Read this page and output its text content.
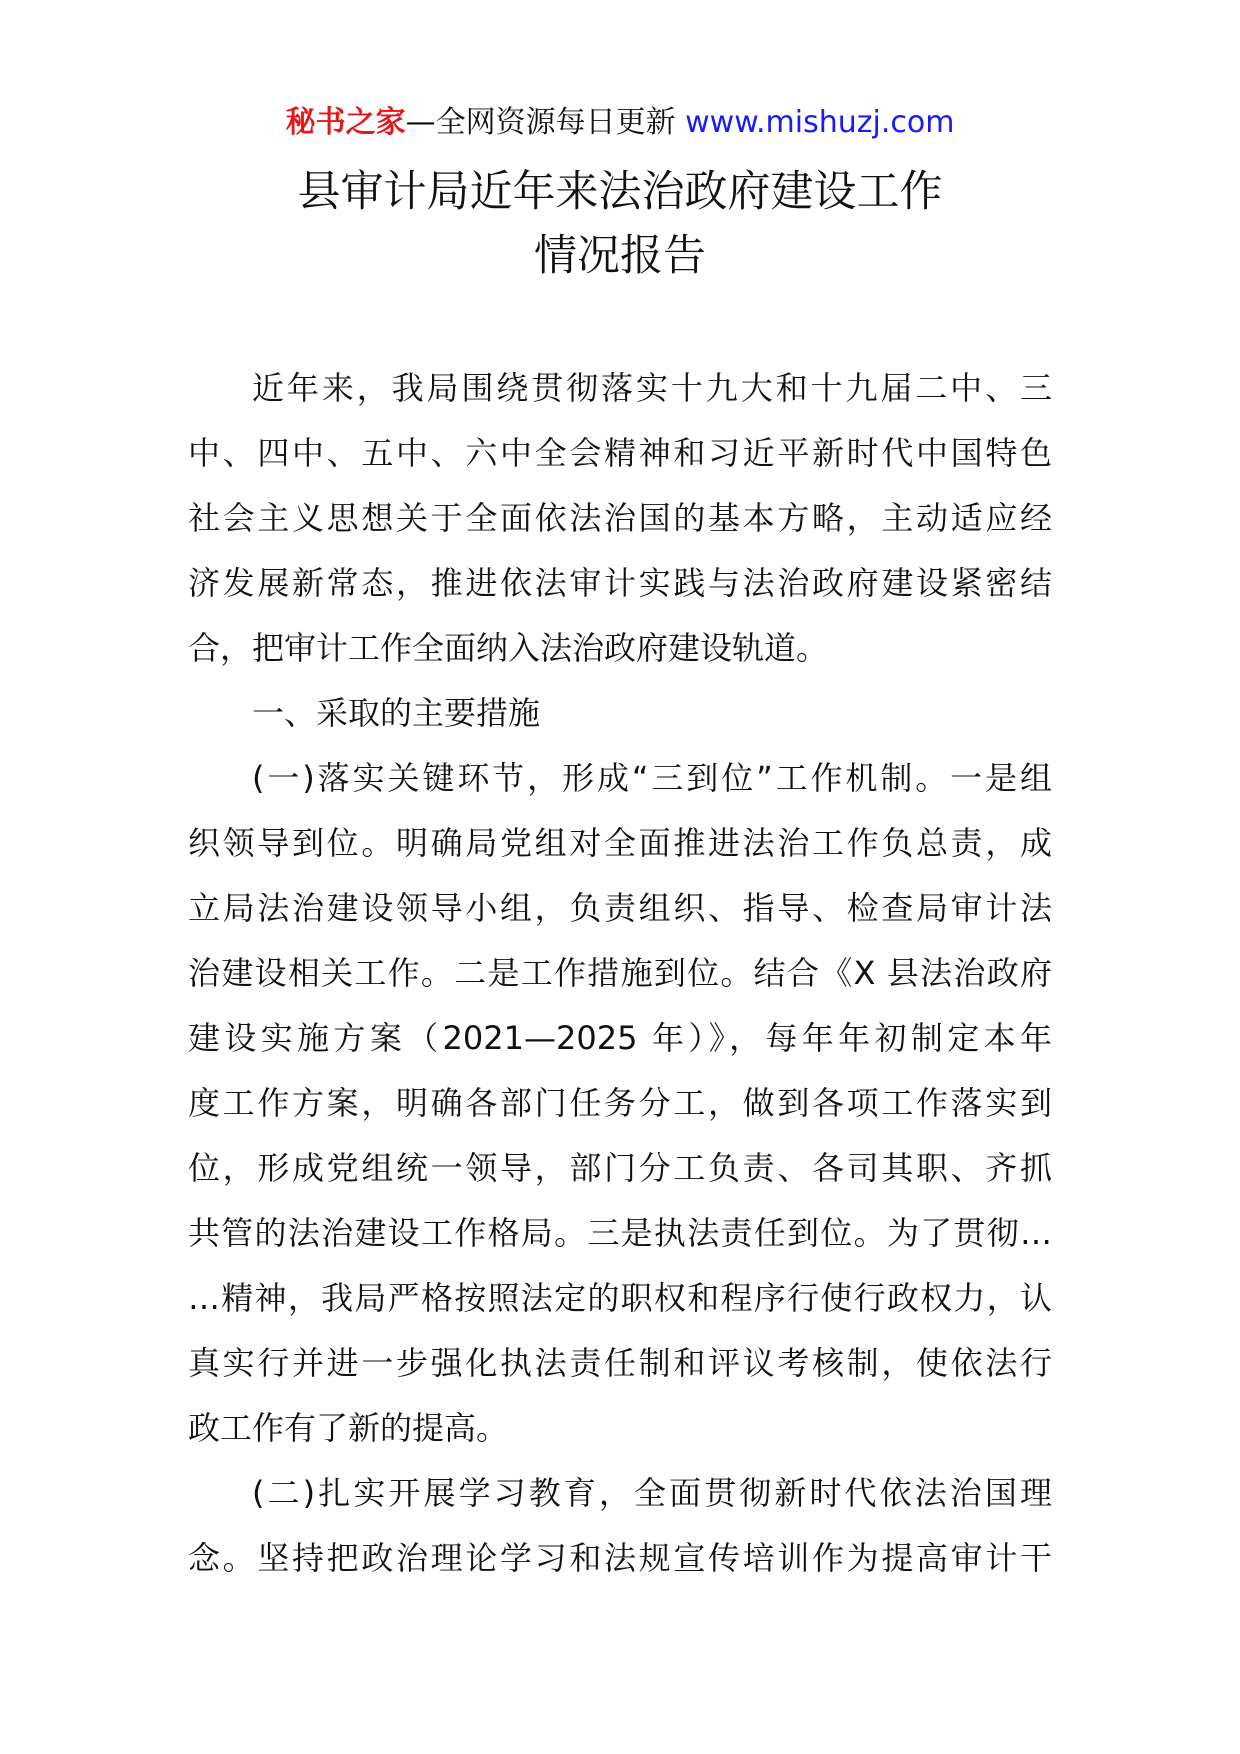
秘书之家—全网资源每日更新 www.mishuzj.com
县审计局近年来法治政府建设工作
情况报告
近年来，我局围绕贯彻落实十九大和十九届二中、三
中、四中、五中、六中全会精神和习近平新时代中国特色
社会主义思想关于全面依法治国的基本方略，主动适应经
济发展新常态，推进依法审计实践与法治政府建设紧密结
合，把审计工作全面纳入法治政府建设轨道。
一、采取的主要措施
(一)落实关键环节，形成“三到位”工作机制。一是组
织领导到位。明确局党组对全面推进法治工作负总责，成
立局法治建设领导小组，负责组织、指导、检查局审计法
治建设相关工作。二是工作措施到位。结合《X 县法治政府
建设实施方案（2021—2025 年）》，每年年初制定本年
度工作方案，明确各部门任务分工，做到各项工作落实到
位，形成党组统一领导，部门分工负责、各司其职、齐抓
共管的法治建设工作格局。三是执法责任到位。为了贯彻…
…精神，我局严格按照法定的职权和程序行使行政权力，认
真实行并进一步强化执法责任制和评议考核制，使依法行
政工作有了新的提高。
(二)扎实开展学习教育，全面贯彻新时代依法治国理
念。坚持把政治理论学习和法规宣传培训作为提高审计干
